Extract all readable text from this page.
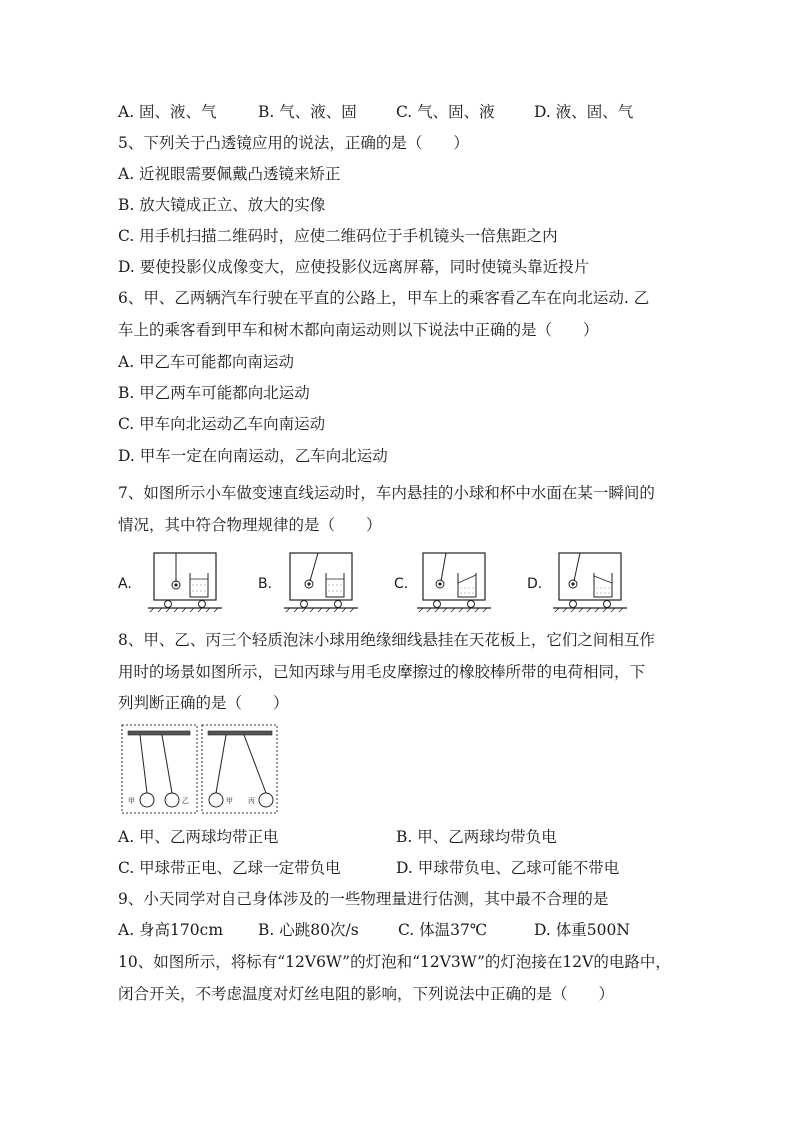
A. 固、液、气	B. 气、液、固	C. 气、固、液	D. 液、固、气
5、下列关于凸透镜应用的说法，正确的是（　　）
A. 近视眼需要佩戴凸透镜来矫正
B. 放大镜成正立、放大的实像
C. 用手机扫描二维码时，应使二维码位于手机镜头一倍焦距之内
D. 要使投影仪成像变大，应使投影仪远离屏幕，同时使镜头靠近投片
6、甲、乙两辆汽车行驶在平直的公路上，甲车上的乘客看乙车在向北运动. 乙
车上的乘客看到甲车和树木都向南运动则以下说法中正确的是（　　）
A. 甲乙车可能都向南运动
B. 甲乙两车可能都向北运动
C. 甲车向北运动乙车向南运动
D. 甲车一定在向南运动，乙车向北运动
7、如图所示小车做变速直线运动时，车内悬挂的小球和杯中水面在某一瞬间的
情况，其中符合物理规律的是（　　）
A.	B.	C.	D.
8、甲、乙、丙三个轻质泡沫小球用绝缘细线悬挂在天花板上，它们之间相互作
用时的场景如图所示，已知丙球与用毛皮摩擦过的橡胶棒所带的电荷相同，下
列判断正确的是（　　）
甲	乙	甲 丙
A. 甲、乙两球均带正电	B. 甲、乙两球均带负电
C. 甲球带正电、乙球一定带负电	D. 甲球带负电、乙球可能不带电
9、小天同学对自己身体涉及的一些物理量进行估测，其中最不合理的是
A. 身高170cm B. 心跳80次/s	C. 体温37℃	D. 体重500N
10、如图所示，将标有“12V6W”的灯泡和“12V3W”的灯泡接在12V的电路中，
闭合开关，不考虑温度对灯丝电阻的影响，下列说法中正确的是（　　）
